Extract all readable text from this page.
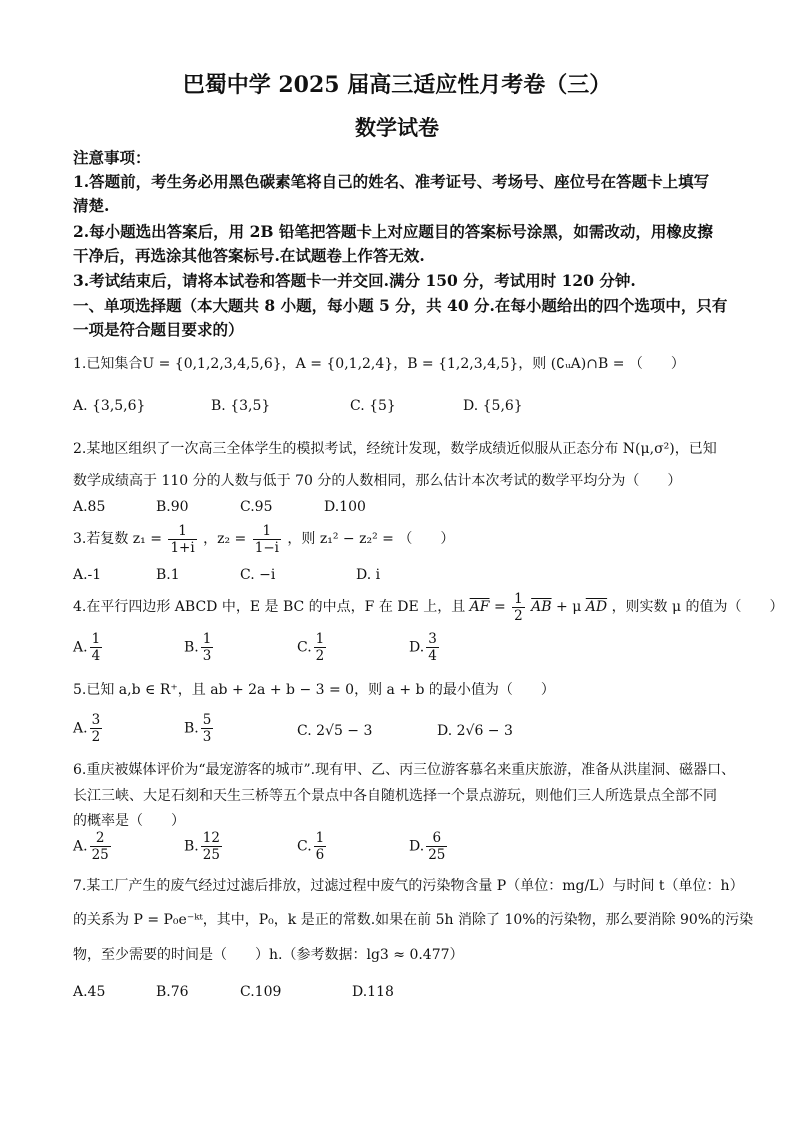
巴蜀中学 2025 届高三适应性月考卷（三）
数学试卷
注意事项：
1.答题前，考生务必用黑色碳素笔将自己的姓名、准考证号、考场号、座位号在答题卡上填写
清楚.
2.每小题选出答案后，用 2B 铅笔把答题卡上对应题目的答案标号涂黑，如需改动，用橡皮擦
干净后，再选涂其他答案标号.在试题卷上作答无效.
3.考试结束后，请将本试卷和答题卡一并交回.满分 150 分，考试用时 120 分钟.
一、单项选择题（本大题共 8 小题，每小题 5 分，共 40 分.在每小题给出的四个选项中，只有
一项是符合题目要求的）
1.已知集合U = {0,1,2,3,4,5,6}，A = {0,1,2,4}，B = {1,2,3,4,5}，则 (∁ᵤA)∩B = （　　）
A. {3,5,6}	B. {3,5}	C. {5}	D. {5,6}
2.某地区组织了一次高三全体学生的模拟考试，经统计发现，数学成绩近似服从正态分布 N(μ,σ²)，已知
数学成绩高于 110 分的人数与低于 70 分的人数相同，那么估计本次考试的数学平均分为（　　）
A.85	B.90	C.95	D.100
3.若复数 $z_1 = \frac{1}{1+i}$ ，$z_2 = \frac{1}{1-i}$ ，则 z₁² − z₂² = （　　）
A.-1	B.1	C. −i	D. i
4.在平行四边形 ABCD 中，E 是 BC 的中点，F 在 DE 上，且 $\overline{AF} = \frac{1}{2} \overline{AB} + \mu$ $\overline{AD}$ ，则实数 μ 的值为（　　）
A. $\frac{1}{4}$	B. $\frac{1}{3}$	C. $\frac{1}{2}$	D. $\frac{3}{4}$
5.已知 a,b ∈ R⁺，且 ab + 2a + b − 3 = 0，则 a + b 的最小值为（　　）
A. $\frac{3}{2}$	B. $\frac{5}{3}$	C. 2√5 − 3	D. 2√6 − 3
6.重庆被媒体评价为“最宠游客的城市”.现有甲、乙、丙三位游客慕名来重庆旅游，准备从洪崖洞、磁器口、
长江三峡、大足石刻和天生三桥等五个景点中各自随机选择一个景点游玩，则他们三人所选景点全部不同
的概率是（　　）
A. $\frac{2}{25}$	B. $\frac{12}{25}$	C. $\frac{1}{6}$	D. $\frac{6}{25}$
7.某工厂产生的废气经过过滤后排放，过滤过程中废气的污染物含量 P（单位：mg/L）与时间 t（单位：h）
的关系为 P = P₀e⁻ᵏᵗ，其中，P₀，k 是正的常数.如果在前 5h 消除了 10%的污染物，那么要消除 90%的污染
物，至少需要的时间是（　　）h.（参考数据：lg3 ≈ 0.477）
A.45	B.76	C.109	D.118
